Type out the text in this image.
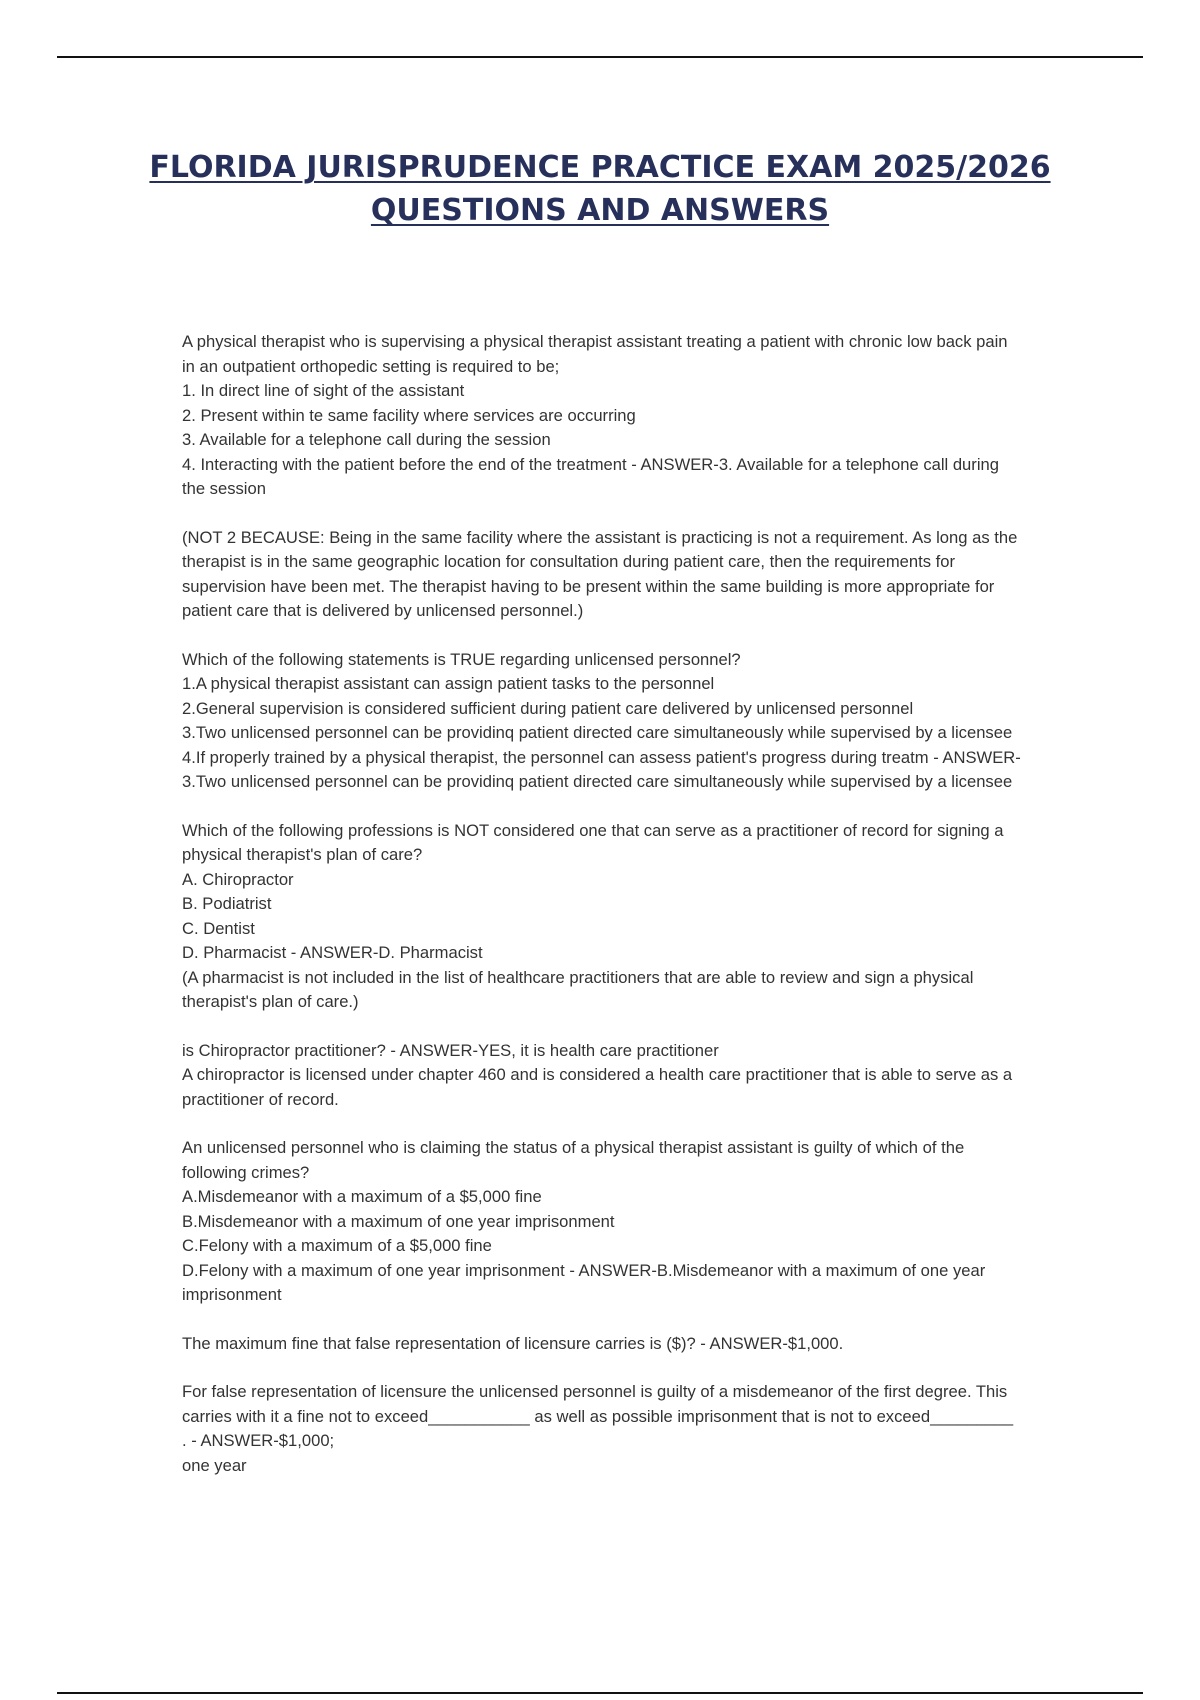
FLORIDA JURISPRUDENCE PRACTICE EXAM 2025/2026
QUESTIONS AND ANSWERS
A physical therapist who is supervising a physical therapist assistant treating a patient with chronic low back pain in an outpatient orthopedic setting is required to be;
1. In direct line of sight of the assistant
2. Present within te same facility where services are occurring
3. Available for a telephone call during the session
4. Interacting with the patient before the end of the treatment - ANSWER-3. Available for a telephone call during the session
(NOT 2 BECAUSE: Being in the same facility where the assistant is practicing is not a requirement. As long as the therapist is in the same geographic location for consultation during patient care, then the requirements for supervision have been met. The therapist having to be present within the same building is more appropriate for patient care that is delivered by unlicensed personnel.)
Which of the following statements is TRUE regarding unlicensed personnel?
1.A physical therapist assistant can assign patient tasks to the personnel
2.General supervision is considered sufficient during patient care delivered by unlicensed personnel
3.Two unlicensed personnel can be providinq patient directed care simultaneously while supervised by a licensee
4.If properly trained by a physical therapist, the personnel can assess patient's progress during treatm - ANSWER-3.Two unlicensed personnel can be providinq patient directed care simultaneously while supervised by a licensee
Which of the following professions is NOT considered one that can serve as a practitioner of record for signing a physical therapist's plan of care?
A. Chiropractor
B. Podiatrist
C. Dentist
D. Pharmacist - ANSWER-D. Pharmacist
(A pharmacist is not included in the list of healthcare practitioners that are able to review and sign a physical therapist's plan of care.)
is Chiropractor practitioner? - ANSWER-YES, it is health care practitioner
A chiropractor is licensed under chapter 460 and is considered a health care practitioner that is able to serve as a practitioner of record.
An unlicensed personnel who is claiming the status of a physical therapist assistant is guilty of which of the following crimes?
A.Misdemeanor with a maximum of a $5,000 fine
B.Misdemeanor with a maximum of one year imprisonment
C.Felony with a maximum of a $5,000 fine
D.Felony with a maximum of one year imprisonment - ANSWER-B.Misdemeanor with a maximum of one year imprisonment
The maximum fine that false representation of licensure carries is ($)? - ANSWER-$1,000.
For false representation of licensure the unlicensed personnel is guilty of a misdemeanor of the first degree. This carries with it a fine not to exceed___________ as well as possible imprisonment that is not to exceed_________ . - ANSWER-$1,000;
one year
